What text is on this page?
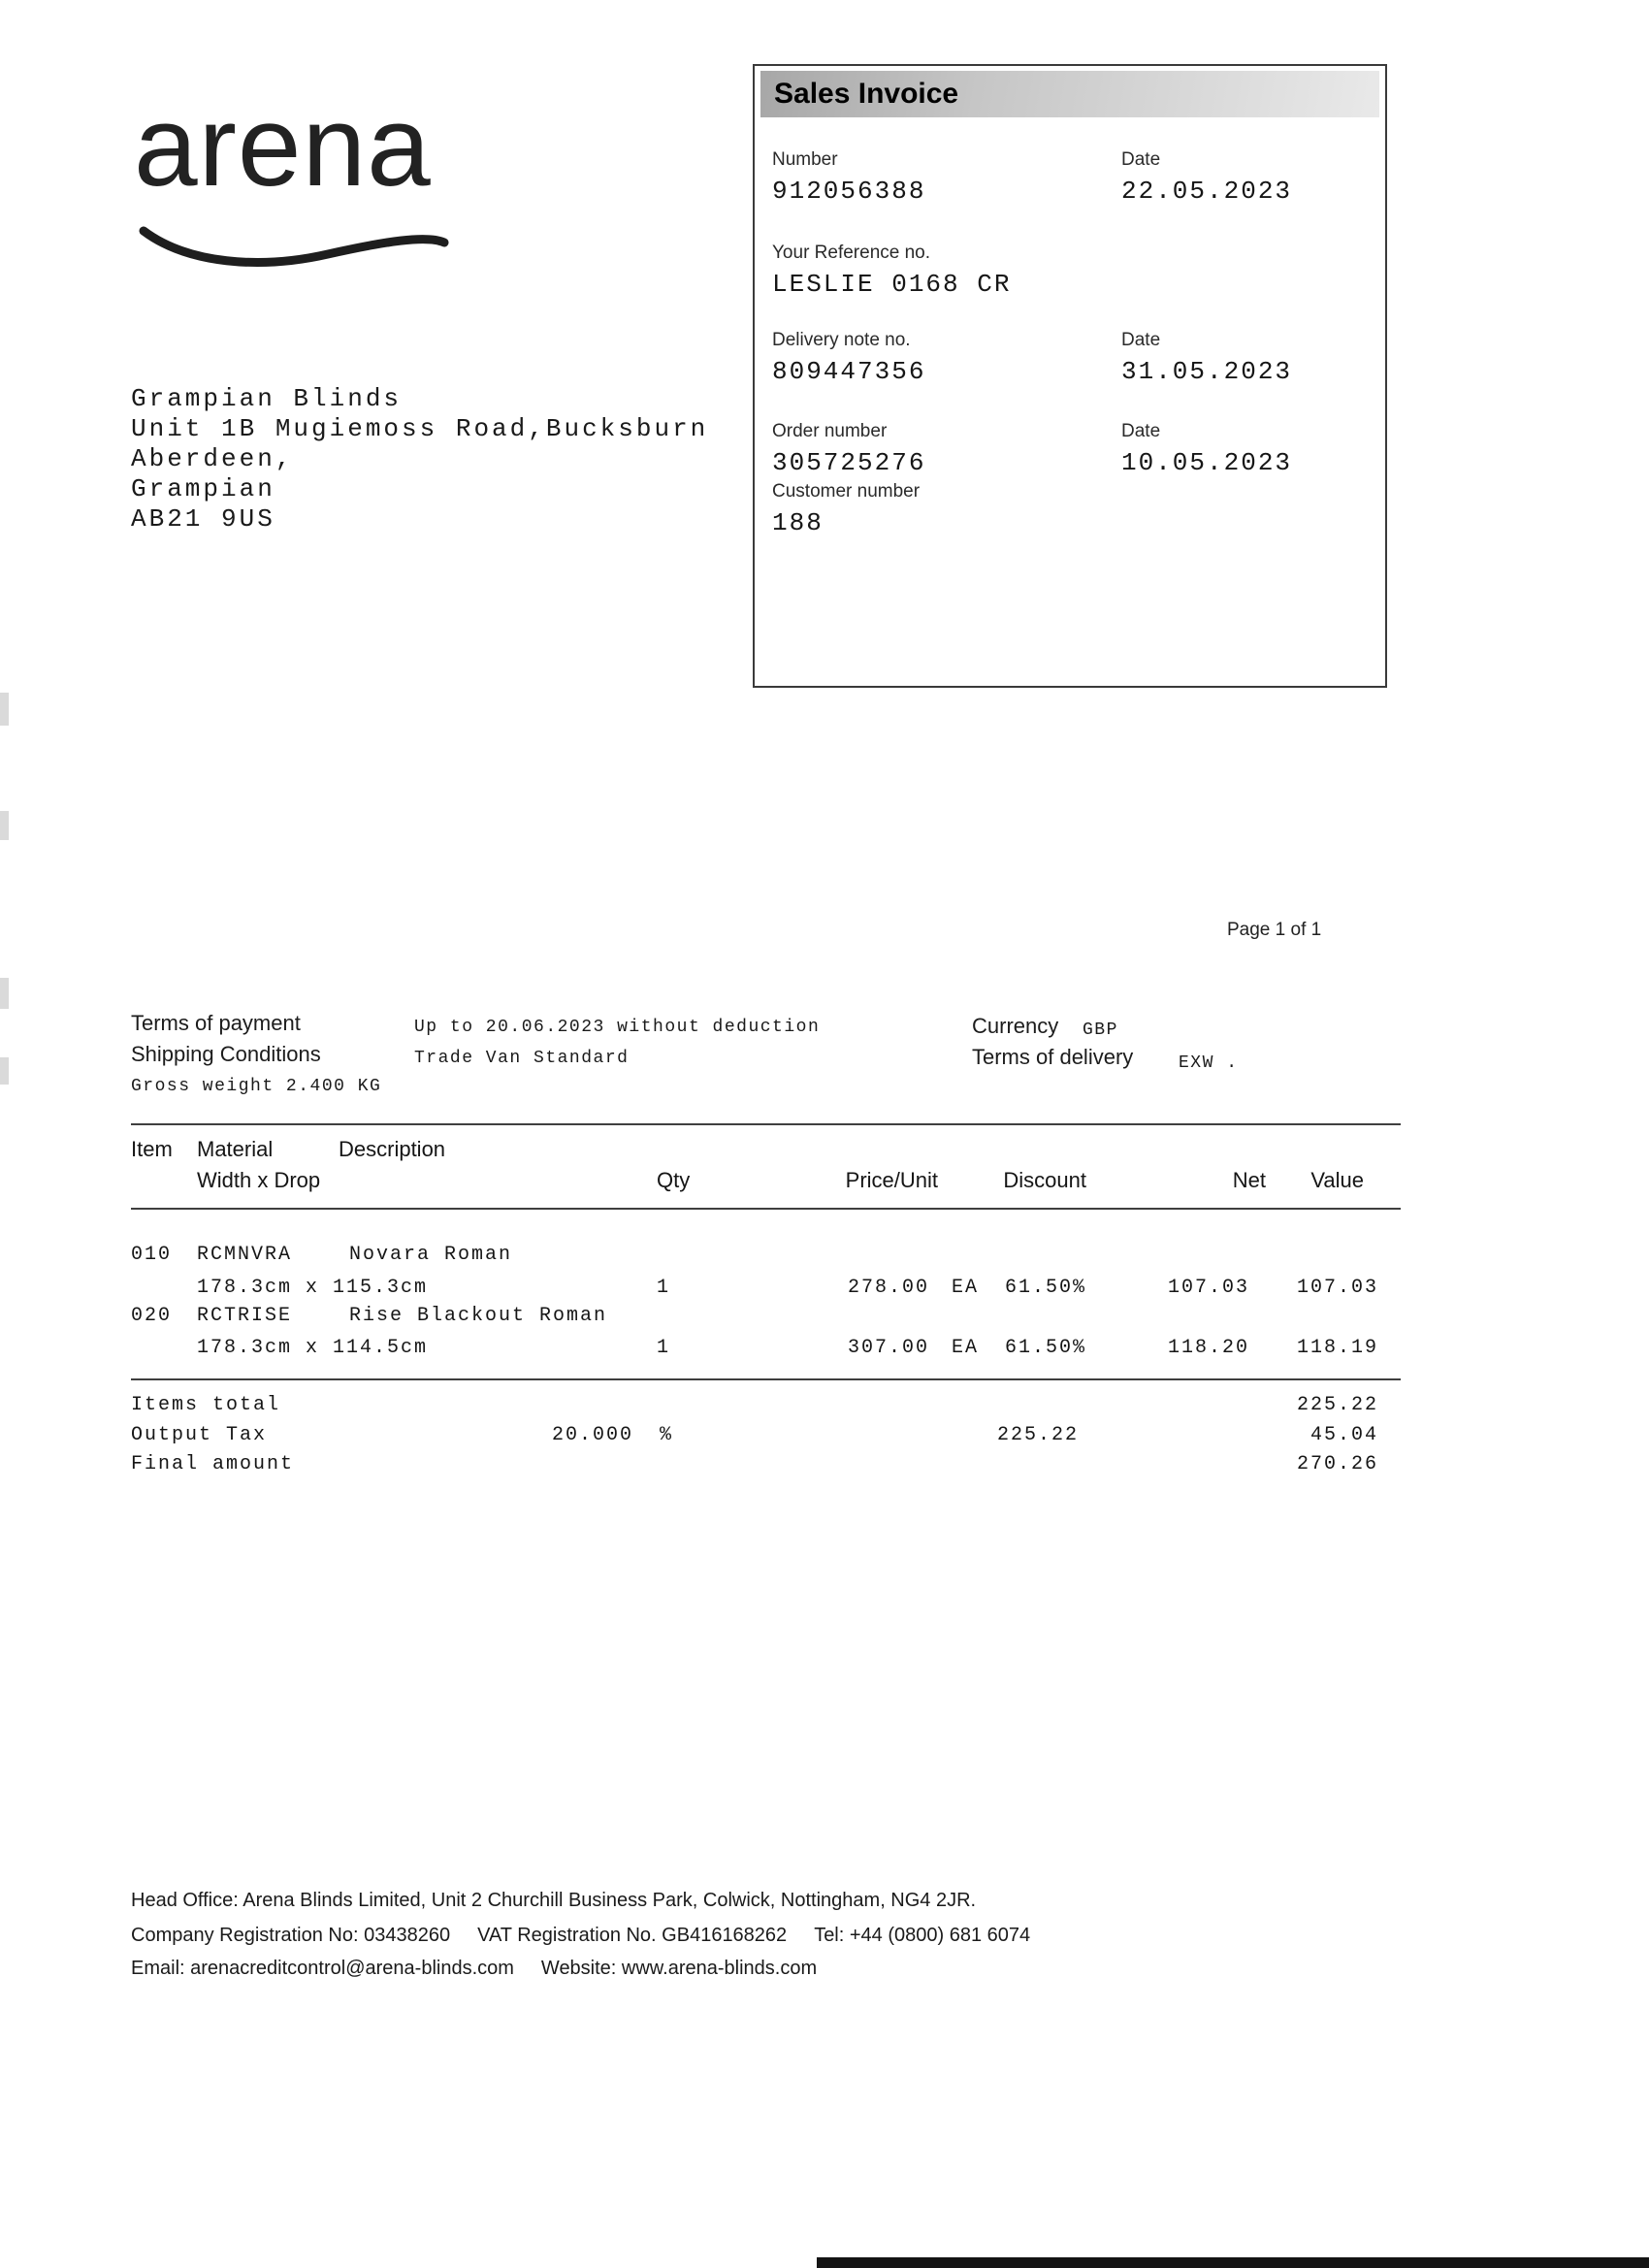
arena
Grampian Blinds
Unit 1B Mugiemoss Road,Bucksburn
Aberdeen,
Grampian
AB21 9US
Sales Invoice
Number
912056388
Date
22.05.2023
Your Reference no.
LESLIE 0168 CR
Delivery note no.
809447356
Date
31.05.2023
Order number
305725276
Date
10.05.2023
Customer number
188
Page 1 of 1
Terms of payment	Up to 20.06.2023 without deduction
Shipping Conditions	Trade Van Standard
Gross weight 2.400 KG
Currency GBP
Terms of delivery	EXW .
Item Material	Description
Width x Drop	Qty	Price/Unit	Discount	Net Value
010 RCMNVRA	Novara Roman
178.3cm x 115.3cm	1	278.00 EA 61.50%	107.03 107.03
020 RCTRISE	Rise Blackout Roman
178.3cm x 114.5cm	1	307.00 EA 61.50%	118.20 118.19
Items total	225.22
Output Tax	20.000 %	225.22	45.04
Final amount	270.26
Head Office: Arena Blinds Limited, Unit 2 Churchill Business Park, Colwick, Nottingham, NG4 2JR.
Company Registration No: 03438260 VAT Registration No. GB416168262 Tel: +44 (0800) 681 6074
Email: arenacreditcontrol@arena-blinds.com Website: www.arena-blinds.com
